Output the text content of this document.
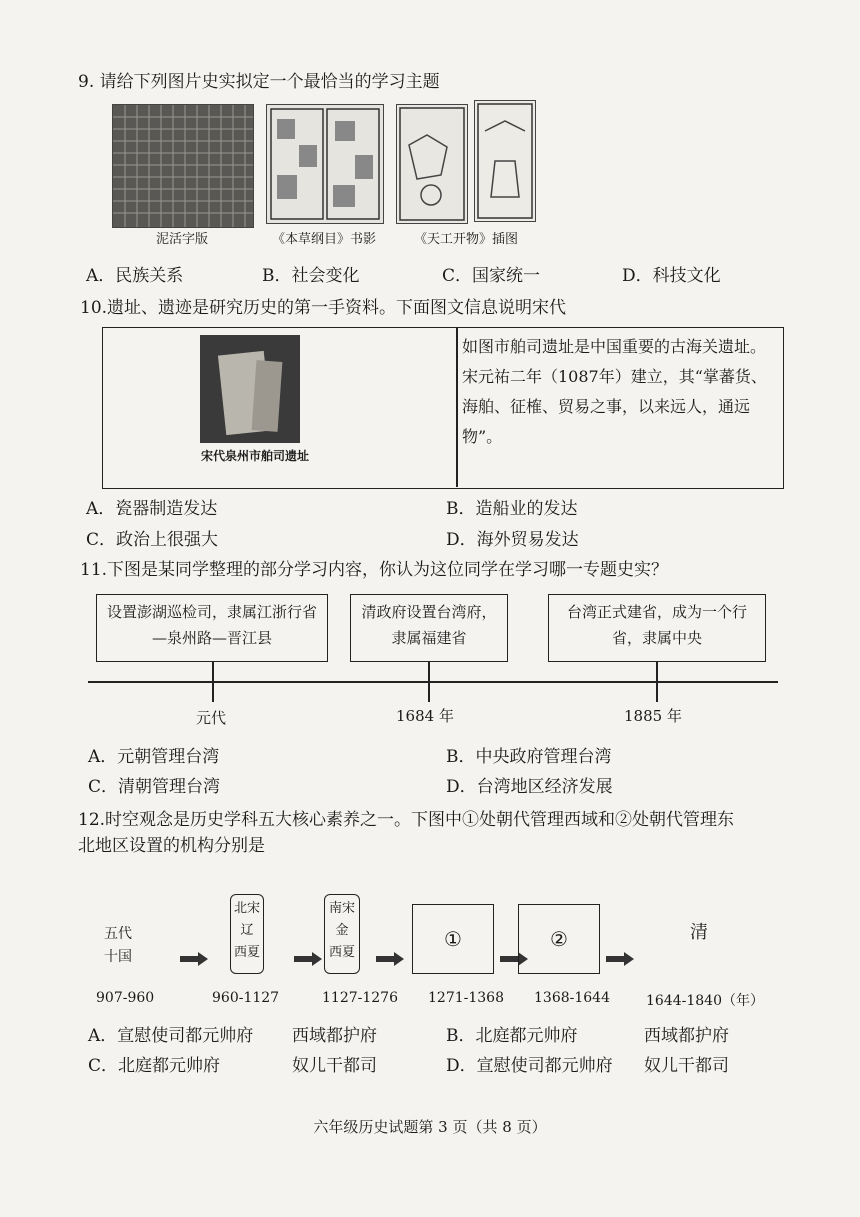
9. 请给下列图片史实拟定一个最恰当的学习主题
泥活字版	《本草纲目》书影	《天工开物》插图
A．民族关系	B．社会变化	C．国家统一	D．科技文化
10.遗址、遗迹是研究历史的第一手资料。下面图文信息说明宋代
宋代泉州市舶司遗址
如图市舶司遗址是中国重要的古海关遗址。宋元祐二年（1087年）建立，其“掌蕃货、海舶、征榷、贸易之事，以来远人，通远物”。
A．瓷器制造发达	B．造船业的发达
C．政治上很强大	D．海外贸易发达
11.下图是某同学整理的部分学习内容，你认为这位同学在学习哪一专题史实？
设置澎湖巡检司，隶属江浙行省—泉州路—晋江县
清政府设置台湾府，隶属福建省
台湾正式建省，成为一个行省，隶属中央
元代	1684 年	1885 年
A．元朝管理台湾	B．中央政府管理台湾
C．清朝管理台湾	D．台湾地区经济发展
12.时空观念是历史学科五大核心素养之一。下图中①处朝代管理西域和②处朝代管理东
北地区设置的机构分别是
五代
十国
北宋
辽
西夏
南宋
金
西夏
①	②	清
907-960	960-1127	1127-1276 1271-1368 1368-1644	1644-1840（年）
A．宣慰使司都元帅府 西域都护府	B．北庭都元帅府	西域都护府
C．北庭都元帅府	奴儿干都司	D．宣慰使司都元帅府 奴儿干都司
六年级历史试题第 3 页（共 8 页）
